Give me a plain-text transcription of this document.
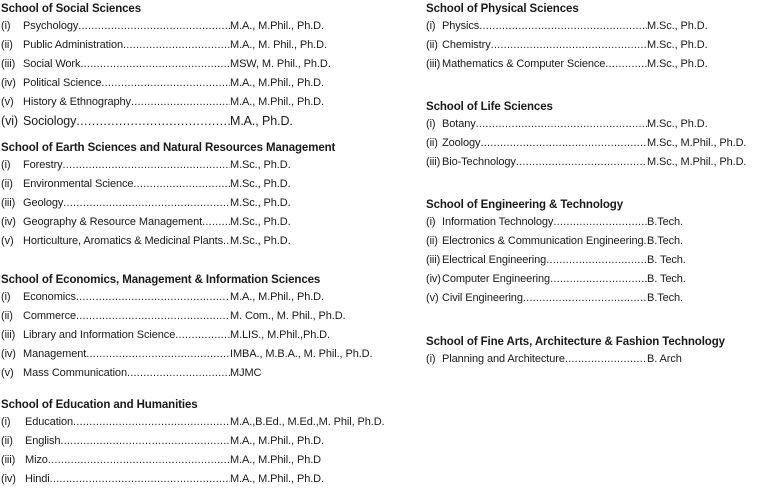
School of Social Sciences
(i)	Psychology .....	M.A., M.Phil., Ph.D.
(ii) Public Administration .....	M.A., M. Phil., Ph.D.
(iii) Social Work .....	MSW, M. Phil., Ph.D.
(iv) Political Science .....	M.A., M.Phil., Ph.D.
(v) History & Ethnography .....	M.A., M.Phil., Ph.D.
(vi) Sociology .....	M.A., Ph.D.
School of Earth Sciences and Natural Resources Management
(i)	Forestry .....	M.Sc., Ph.D.
(ii) Environmental Science .....	M.Sc., Ph.D.
(iii) Geology .....	M.Sc., Ph.D.
(iv) Geography & Resource Management .....	M.Sc., Ph.D.
(v) Horticulture, Aromatics & Medicinal Plants ..... M.Sc., Ph.D.
School of Economics, Management & Information Sciences
(i)	Economics .....	M.A., M.Phil., Ph.D.
(ii) Commerce .....	M. Com., M. Phil., Ph.D.
(iii) Library and Information Science .....	M.LIS., M.Phil.,Ph.D.
(iv) Management .....	IMBA., M.B.A., M. Phil., Ph.D.
(v) Mass Communication .....	MJMC
School of Education and Humanities
(i)	Education .....	M.A.,B.Ed., M.Ed.,M. Phil, Ph.D.
(ii)	English .....	M.A., M.Phil., Ph.D.
(iii) Mizo .....	M.A., M.Phil., Ph.D
(iv) Hindi .....	M.A., M.Phil., Ph.D.
School of Physical Sciences
(i) Physics .....	M.Sc., Ph.D.
(ii) Chemistry .....	M.Sc., Ph.D.
(iii) Mathematics & Computer Science .....	M.Sc., Ph.D.
School of Life Sciences
(i) Botany .....	M.Sc., Ph.D.
(ii) Zoology .....	M.Sc., M.Phil., Ph.D.
(iii) Bio-Technology .....	M.Sc., M.Phil., Ph.D.
School of Engineering & Technology
(i) Information Technology .....	B.Tech.
(ii) Electronics & Communication Engineering ..... B.Tech.
(iii) Electrical Engineering .....	B. Tech.
(iv) Computer Engineering .....	B. Tech.
(v) Civil Engineering .....	B.Tech.
School of Fine Arts, Architecture & Fashion Technology
(i) Planning and Architecture .....	B. Arch
